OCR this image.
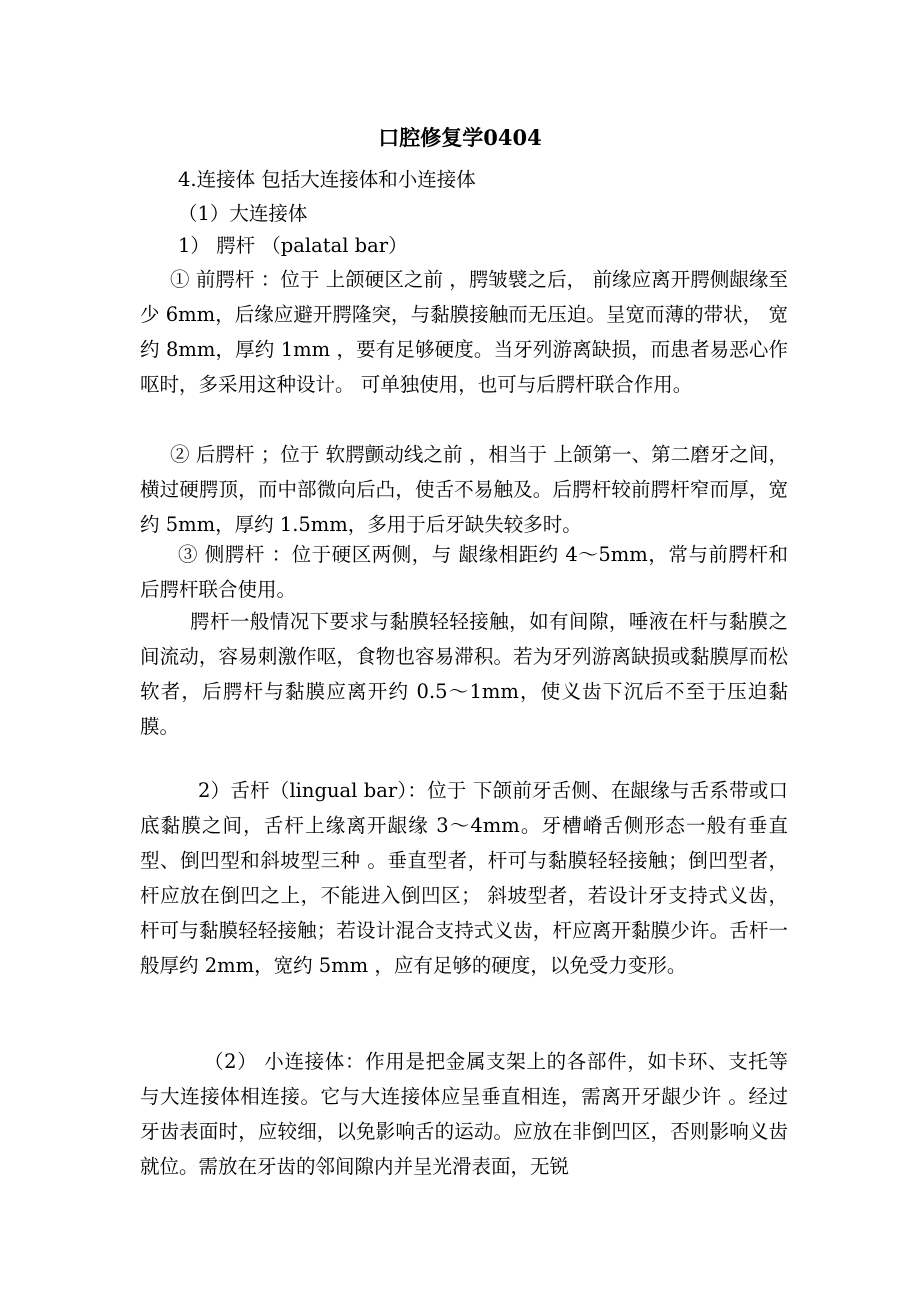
口腔修复学0404
4.连接体 包括大连接体和小连接体
（1）大连接体
1） 腭杆 （palatal bar）
① 前腭杆 ：位于 上颌硬区之前 ，腭皱襞之后， 前缘应离开腭侧龈缘至少 6mm，后缘应避开腭隆突，与黏膜接触而无压迫。呈宽而薄的带状， 宽约 8mm，厚约 1mm ，要有足够硬度。当牙列游离缺损，而患者易恶心作呕时，多采用这种设计。 可单独使用，也可与后腭杆联合作用。
② 后腭杆 ；位于 软腭颤动线之前 ，相当于 上颌第一、第二磨牙之间，横过硬腭顶，而中部微向后凸，使舌不易触及。后腭杆较前腭杆窄而厚，宽约 5mm，厚约 1.5mm，多用于后牙缺失较多时。
③ 侧腭杆 ：位于硬区两侧，与 龈缘相距约 4～5mm，常与前腭杆和后腭杆联合使用。
腭杆一般情况下要求与黏膜轻轻接触，如有间隙，唾液在杆与黏膜之间流动，容易刺激作呕，食物也容易滞积。若为牙列游离缺损或黏膜厚而松软者，后腭杆与黏膜应离开约 0.5～1mm，使义齿下沉后不至于压迫黏膜。
2）舌杆（lingual bar）：位于 下颌前牙舌侧、在龈缘与舌系带或口底黏膜之间，舌杆上缘离开龈缘 3～4mm。牙槽嵴舌侧形态一般有垂直型、倒凹型和斜坡型三种 。垂直型者，杆可与黏膜轻轻接触；倒凹型者，杆应放在倒凹之上，不能进入倒凹区； 斜坡型者，若设计牙支持式义齿，杆可与黏膜轻轻接触；若设计混合支持式义齿，杆应离开黏膜少许。舌杆一般厚约 2mm，宽约 5mm ，应有足够的硬度，以免受力变形。
（2） 小连接体：作用是把金属支架上的各部件，如卡环、支托等与大连接体相连接。它与大连接体应呈垂直相连，需离开牙龈少许 。经过牙齿表面时，应较细，以免影响舌的运动。应放在非倒凹区，否则影响义齿就位。需放在牙齿的邻间隙内并呈光滑表面，无锐
